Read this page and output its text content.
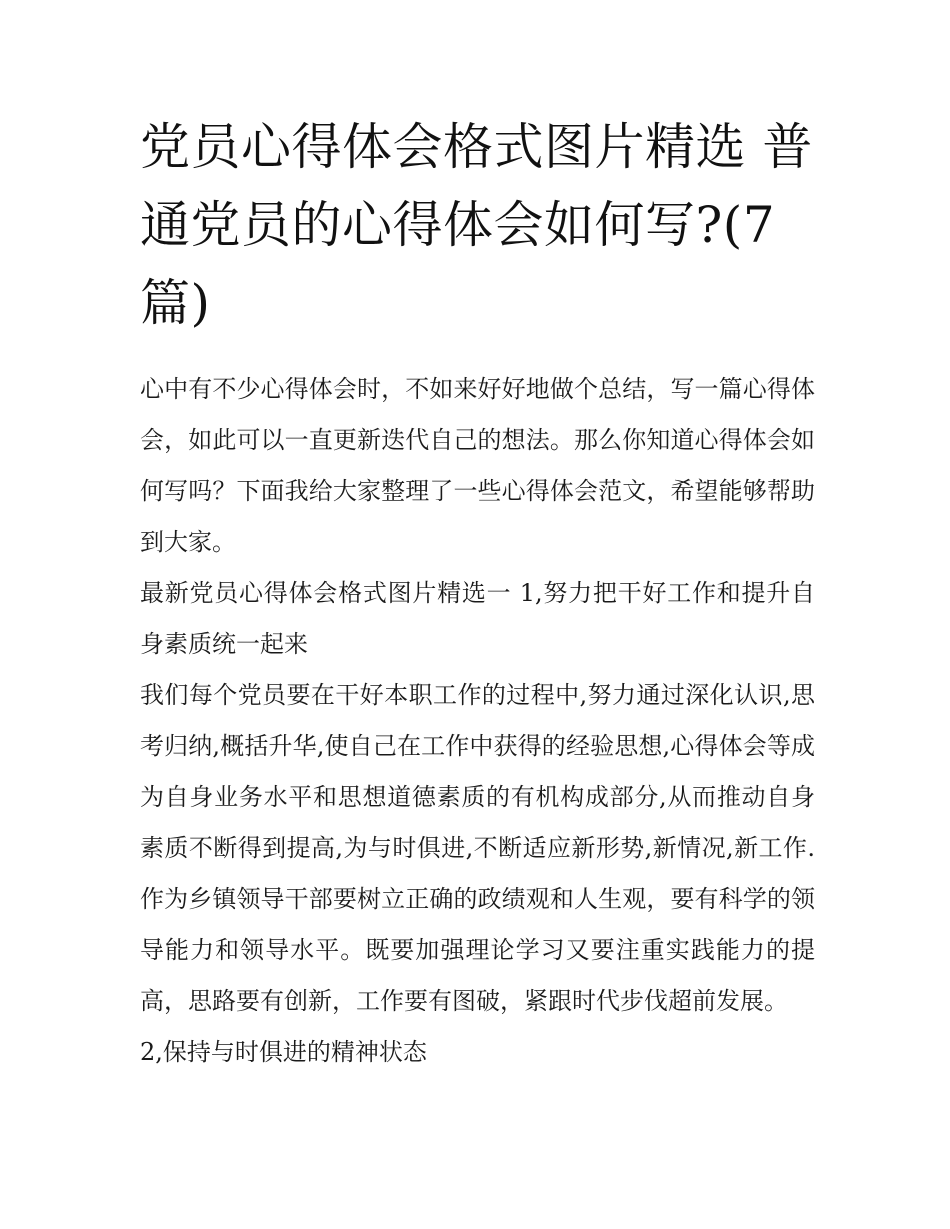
党员心得体会格式图片精选 普通党员的心得体会如何写?(7篇)

心中有不少心得体会时，不如来好好地做个总结，写一篇心得体会，如此可以一直更新迭代自己的想法。那么你知道心得体会如何写吗？下面我给大家整理了一些心得体会范文，希望能够帮助到大家。

最新党员心得体会格式图片精选一 1,努力把干好工作和提升自身素质统一起来

我们每个党员要在干好本职工作的过程中,努力通过深化认识,思考归纳,概括升华,使自己在工作中获得的经验思想,心得体会等成为自身业务水平和思想道德素质的有机构成部分,从而推动自身素质不断得到提高,为与时俱进,不断适应新形势,新情况,新工作.作为乡镇领导干部要树立正确的政绩观和人生观，要有科学的领导能力和领导水平。既要加强理论学习又要注重实践能力的提高，思路要有创新，工作要有图破，紧跟时代步伐超前发展。

2,保持与时俱进的精神状态
